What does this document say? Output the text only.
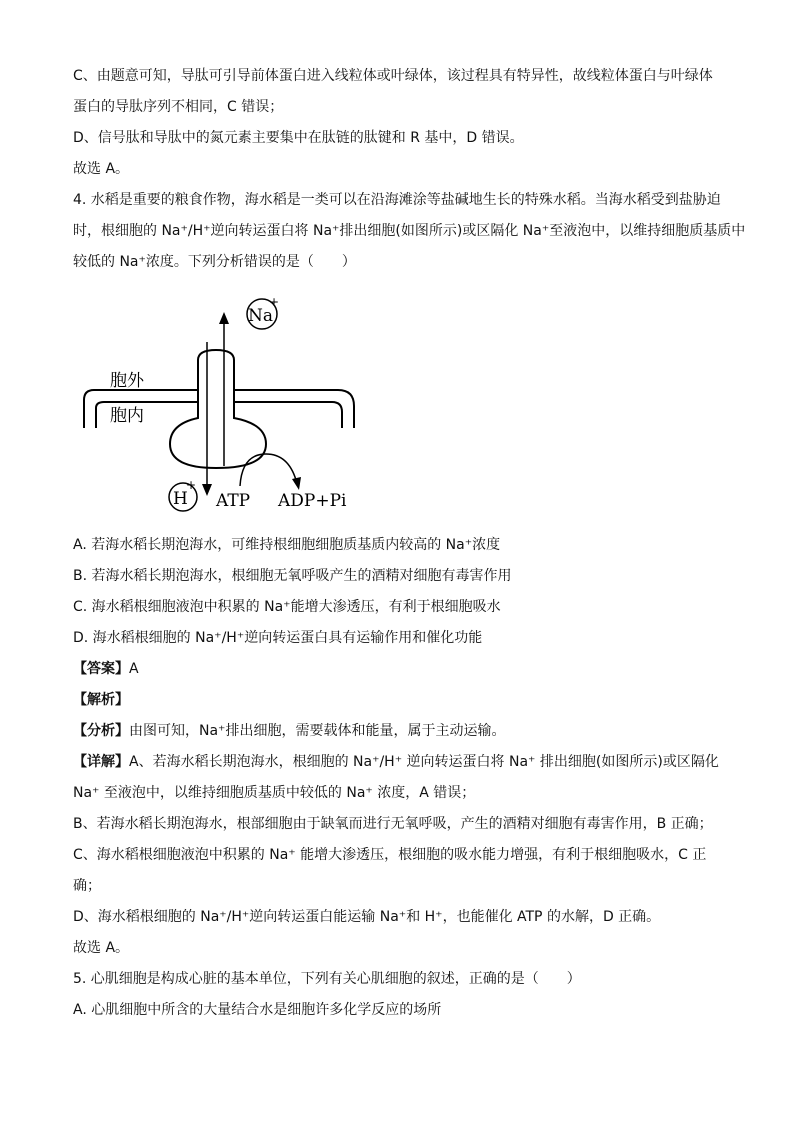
C、由题意可知，导肽可引导前体蛋白进入线粒体或叶绿体，该过程具有特异性，故线粒体蛋白与叶绿体
蛋白的导肽序列不相同，C 错误；
D、信号肽和导肽中的氮元素主要集中在肽链的肽键和 R 基中，D 错误。
故选 A。
4. 水稻是重要的粮食作物，海水稻是一类可以在沿海滩涂等盐碱地生长的特殊水稻。当海水稻受到盐胁迫
时，根细胞的 Na⁺/H⁺逆向转运蛋白将 Na⁺排出细胞(如图所示)或区隔化 Na⁺至液泡中，以维持细胞质基质中
较低的 Na⁺浓度。下列分析错误的是（　　）
Na
+
H
+
胞外
胞内
ATP ADP+Pi
A. 若海水稻长期泡海水，可维持根细胞细胞质基质内较高的 Na⁺浓度
B. 若海水稻长期泡海水，根细胞无氧呼吸产生的酒精对细胞有毒害作用
C. 海水稻根细胞液泡中积累的 Na⁺能增大渗透压，有利于根细胞吸水
D. 海水稻根细胞的 Na⁺/H⁺逆向转运蛋白具有运输作用和催化功能
【答案】A
【解析】
【分析】由图可知，Na⁺排出细胞，需要载体和能量，属于主动运输。
【详解】A、若海水稻长期泡海水，根细胞的 Na⁺/H⁺ 逆向转运蛋白将 Na⁺ 排出细胞(如图所示)或区隔化
Na⁺ 至液泡中，以维持细胞质基质中较低的 Na⁺ 浓度，A 错误；
B、若海水稻长期泡海水，根部细胞由于缺氧而进行无氧呼吸，产生的酒精对细胞有毒害作用，B 正确；
C、海水稻根细胞液泡中积累的 Na⁺ 能增大渗透压，根细胞的吸水能力增强，有利于根细胞吸水，C 正
确；
D、海水稻根细胞的 Na⁺/H⁺逆向转运蛋白能运输 Na⁺和 H⁺，也能催化 ATP 的水解，D 正确。
故选 A。
5. 心肌细胞是构成心脏的基本单位，下列有关心肌细胞的叙述，正确的是（　　）
A. 心肌细胞中所含的大量结合水是细胞许多化学反应的场所
